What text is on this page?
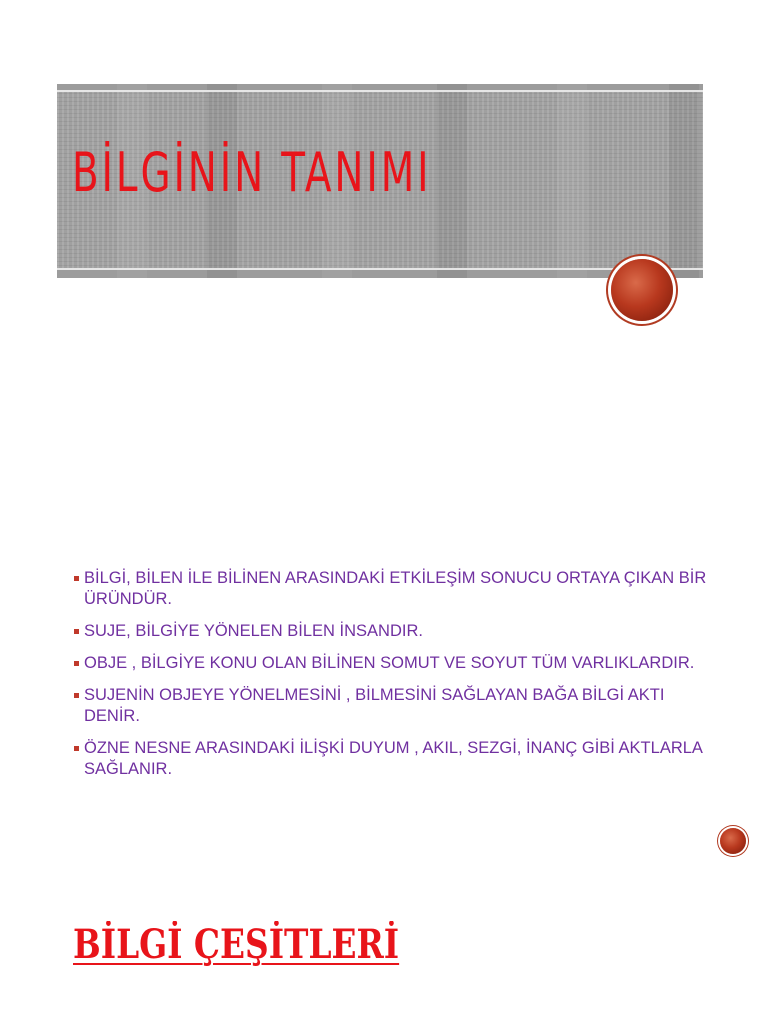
BİLGİNİN TANIMI
BİLGİ, BİLEN İLE BİLİNEN ARASINDAKİ ETKİLEŞİM SONUCU ORTAYA ÇIKAN BİR ÜRÜNDÜR.
SUJE, BİLGİYE YÖNELEN BİLEN İNSANDIR.
OBJE , BİLGİYE KONU OLAN BİLİNEN SOMUT VE SOYUT TÜM VARLIKLARDIR.
SUJENİN OBJEYE YÖNELMESİNİ , BİLMESİNİ SAĞLAYAN BAĞA BİLGİ AKTI DENİR.
ÖZNE NESNE ARASINDAKİ İLİŞKİ DUYUM , AKIL, SEZGİ, İNANÇ GİBİ AKTLARLA SAĞLANIR.
BİLGİ ÇEŞİTLERİ
